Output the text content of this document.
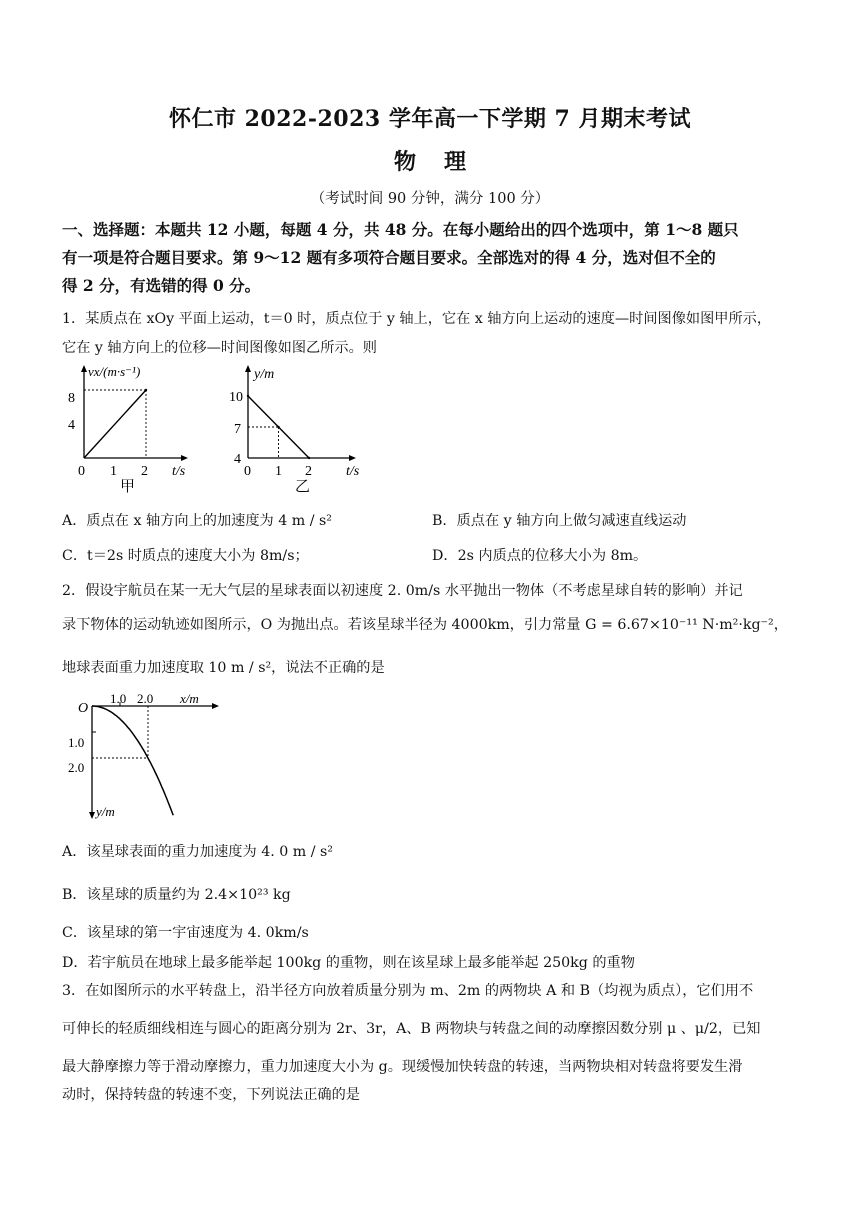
怀仁市 2022-2023 学年高一下学期 7 月期末考试
物理
（考试时间 90 分钟，满分 100 分）
一、选择题：本题共 12 小题，每题 4 分，共 48 分。在每小题给出的四个选项中，第 1～8 题只
有一项是符合题目要求。第 9～12 题有多项符合题目要求。全部选对的得 4 分，选对但不全的
得 2 分，有选错的得 0 分。
1．某质点在 xOy 平面上运动，t＝0 时，质点位于 y 轴上，它在 x 轴方向上运动的速度—时间图像如图甲所示，
它在 y 轴方向上的位移—时间图像如图乙所示。则
vx/(m·s⁻¹)
8
4
0 1 2 t/s
甲
y/m
10
7
4
0 1 2 t/s
乙
A．质点在 x 轴方向上的加速度为 4 m / s²	B．质点在 y 轴方向上做匀减速直线运动
C．t＝2s 时质点的速度大小为 8m/s；	D．2s 内质点的位移大小为 8m。
2．假设宇航员在某一无大气层的星球表面以初速度 2. 0m/s 水平抛出一物体（不考虑星球自转的影响）并记
录下物体的运动轨迹如图所示，O 为抛出点。若该星球半径为 4000km，引力常量 G = 6.67×10⁻¹¹ N·m²·kg⁻²，
地球表面重力加速度取 10 m / s²，说法不正确的是
O
1.0 2.0 x/m
1.0
2.0
y/m
A．该星球表面的重力加速度为 4. 0 m / s²
B．该星球的质量约为 2.4×10²³ kg
C．该星球的第一宇宙速度为 4. 0km/s
D．若宇航员在地球上最多能举起 100kg 的重物，则在该星球上最多能举起 250kg 的重物
3．在如图所示的水平转盘上，沿半径方向放着质量分别为 m、2m 的两物块 A 和 B（均视为质点），它们用不
可伸长的轻质细线相连与圆心的距离分别为 2r、3r，A、B 两物块与转盘之间的动摩擦因数分别 μ 、μ/2，已知
最大静摩擦力等于滑动摩擦力，重力加速度大小为 g。现缓慢加快转盘的转速，当两物块相对转盘将要发生滑
动时，保持转盘的转速不变，下列说法正确的是
